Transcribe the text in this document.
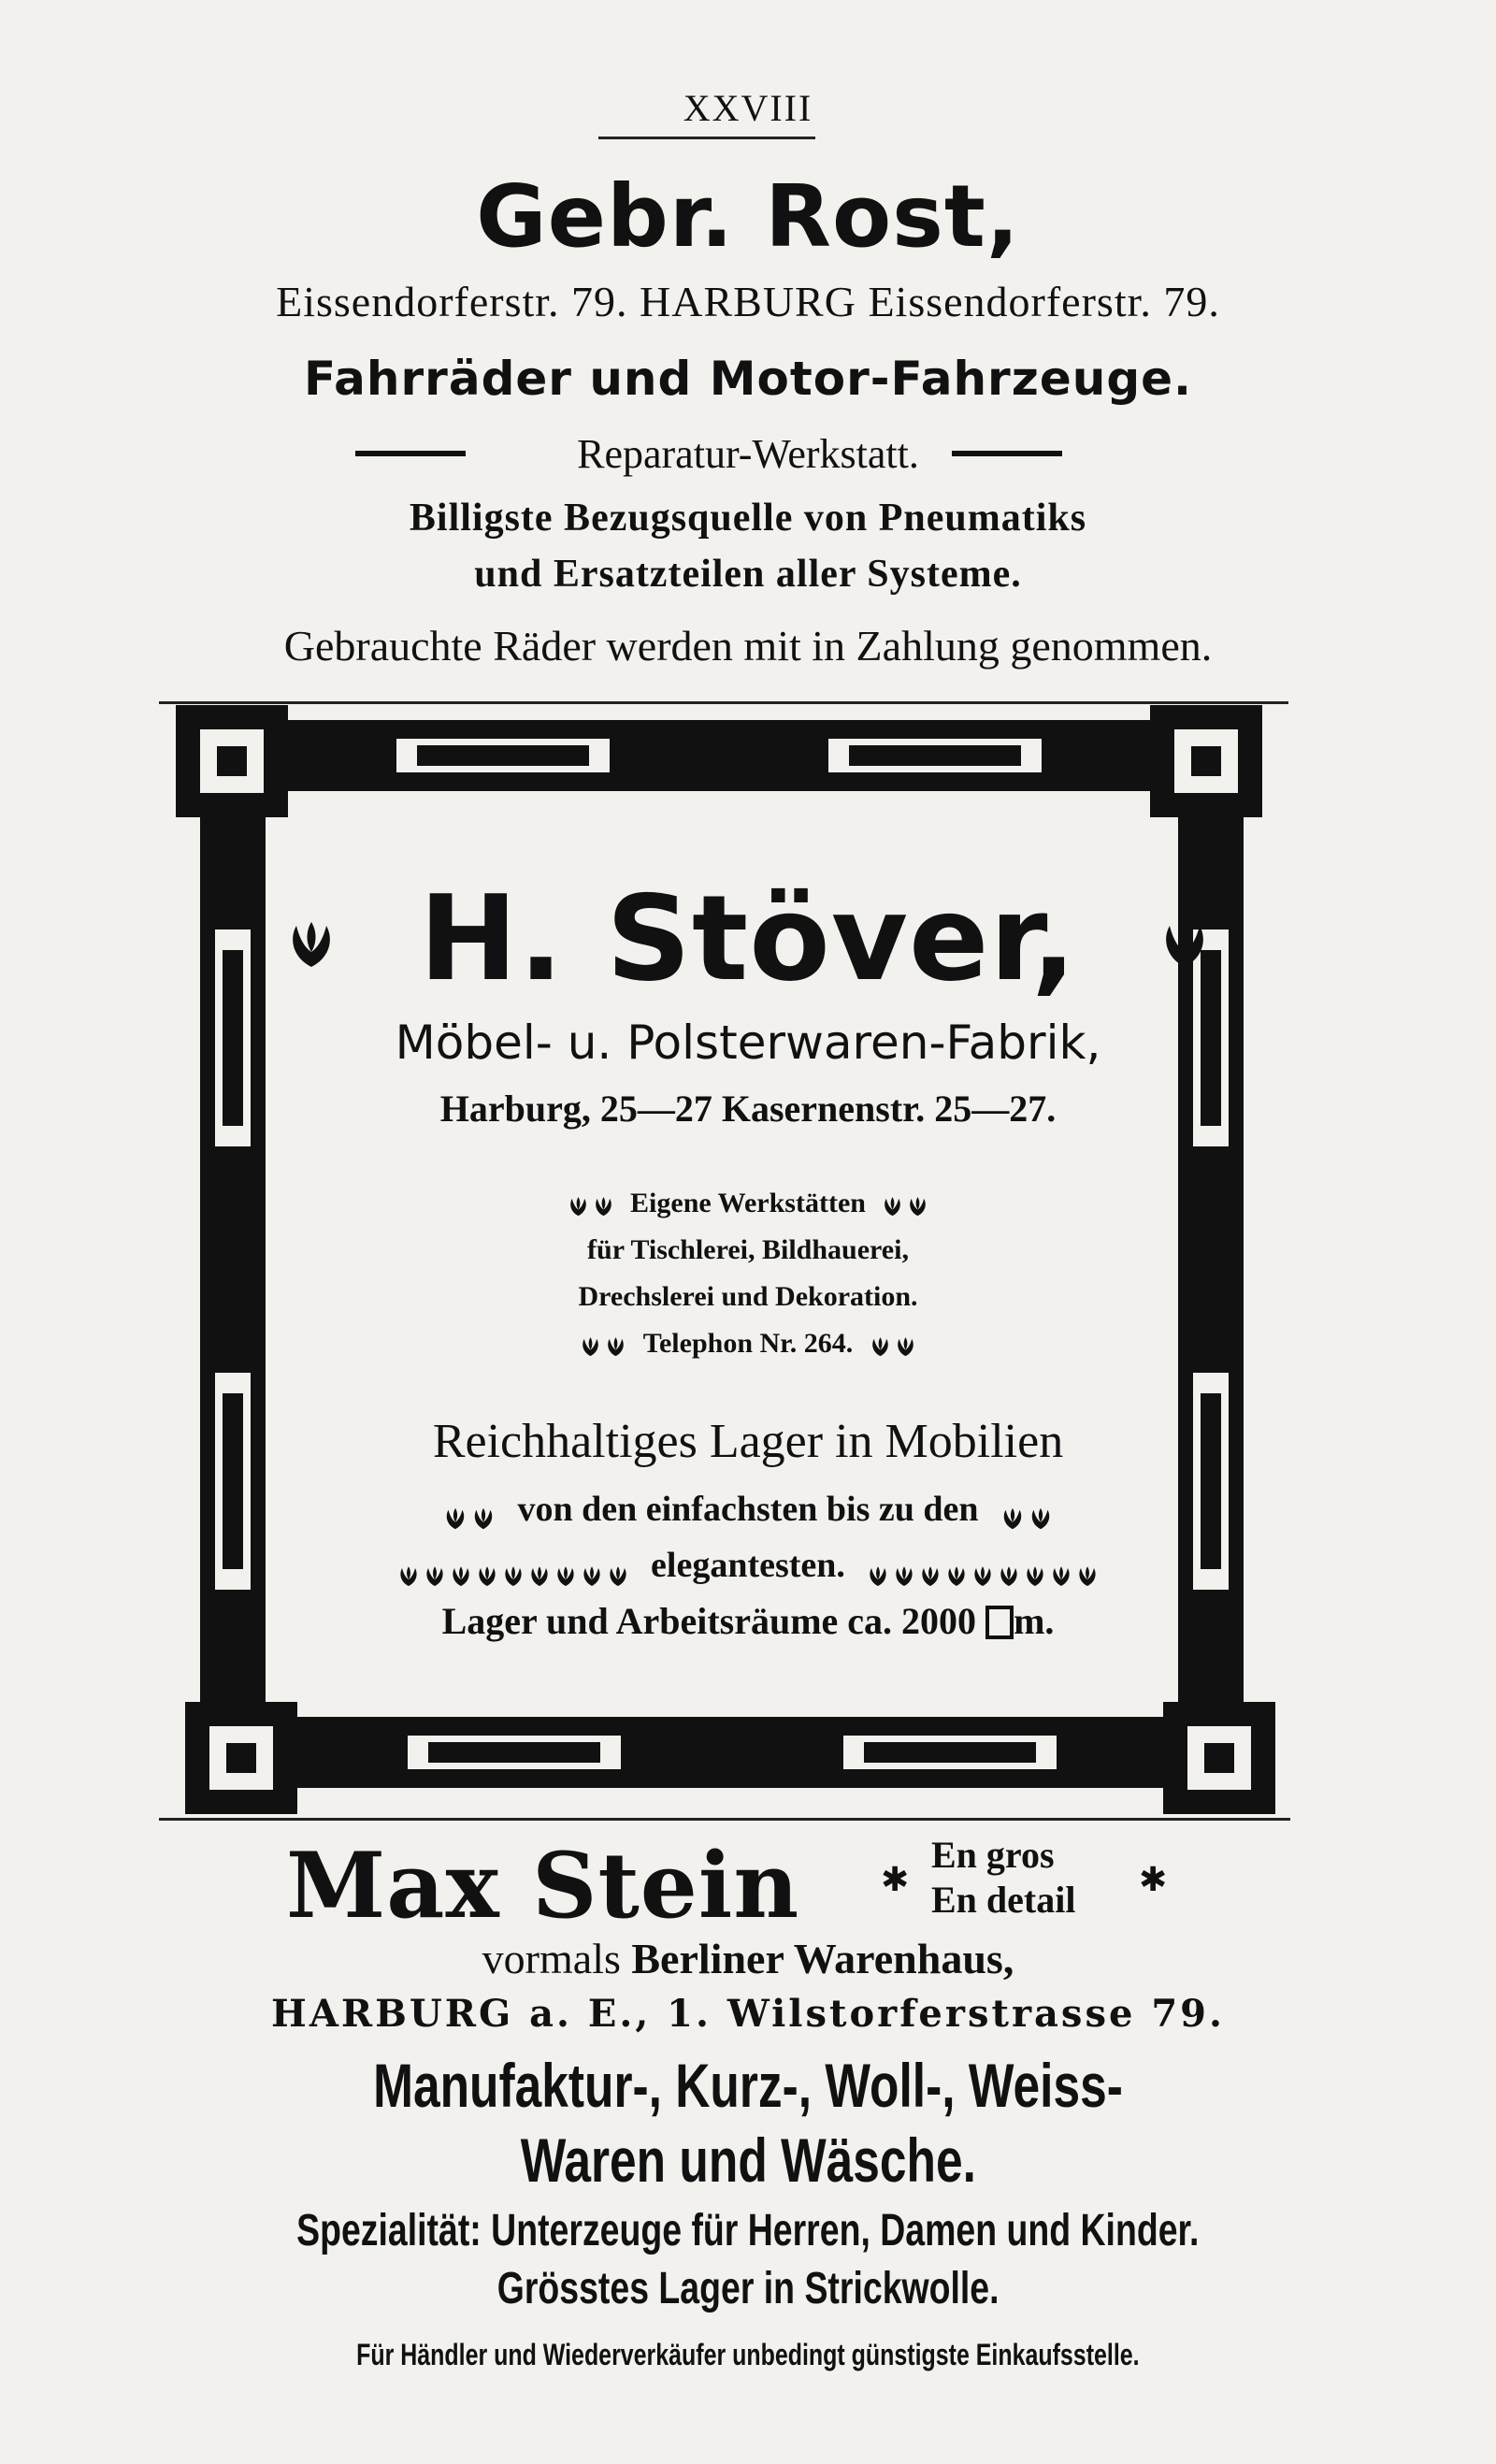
XXVIII
Gebr. Rost,
Eissendorferstr. 79. HARBURG Eissendorferstr. 79.
Fahrräder und Motor-Fahrzeuge.
Reparatur-Werkstatt.
Billigste Bezugsquelle von Pneumatiks
und Ersatzteilen aller Systeme.
Gebrauchte Räder werden mit in Zahlung genommen.
H. Stöver,
Möbel- u. Polsterwaren-Fabrik,
Harburg, 25—27 Kasernenstr. 25—27.
Eigene Werkstätten
für Tischlerei, Bildhauerei,
Drechslerei und Dekoration.
Telephon Nr. 264.
Reichhaltiges Lager in Mobilien
von den einfachsten bis zu den
elegantesten.
Lager und Arbeitsräume ca. 2000 m.
Max Stein ✱
En gros
En detail ✱
vormals Berliner Warenhaus,
HARBURG a. E., 1. Wilstorferstrasse 79.
Manufaktur-, Kurz-, Woll-, Weiss-
Waren und Wäsche.
Spezialität: Unterzeuge für Herren, Damen und Kinder.
Grösstes Lager in Strickwolle.
Für Händler und Wiederverkäufer unbedingt günstigste Einkaufsstelle.
